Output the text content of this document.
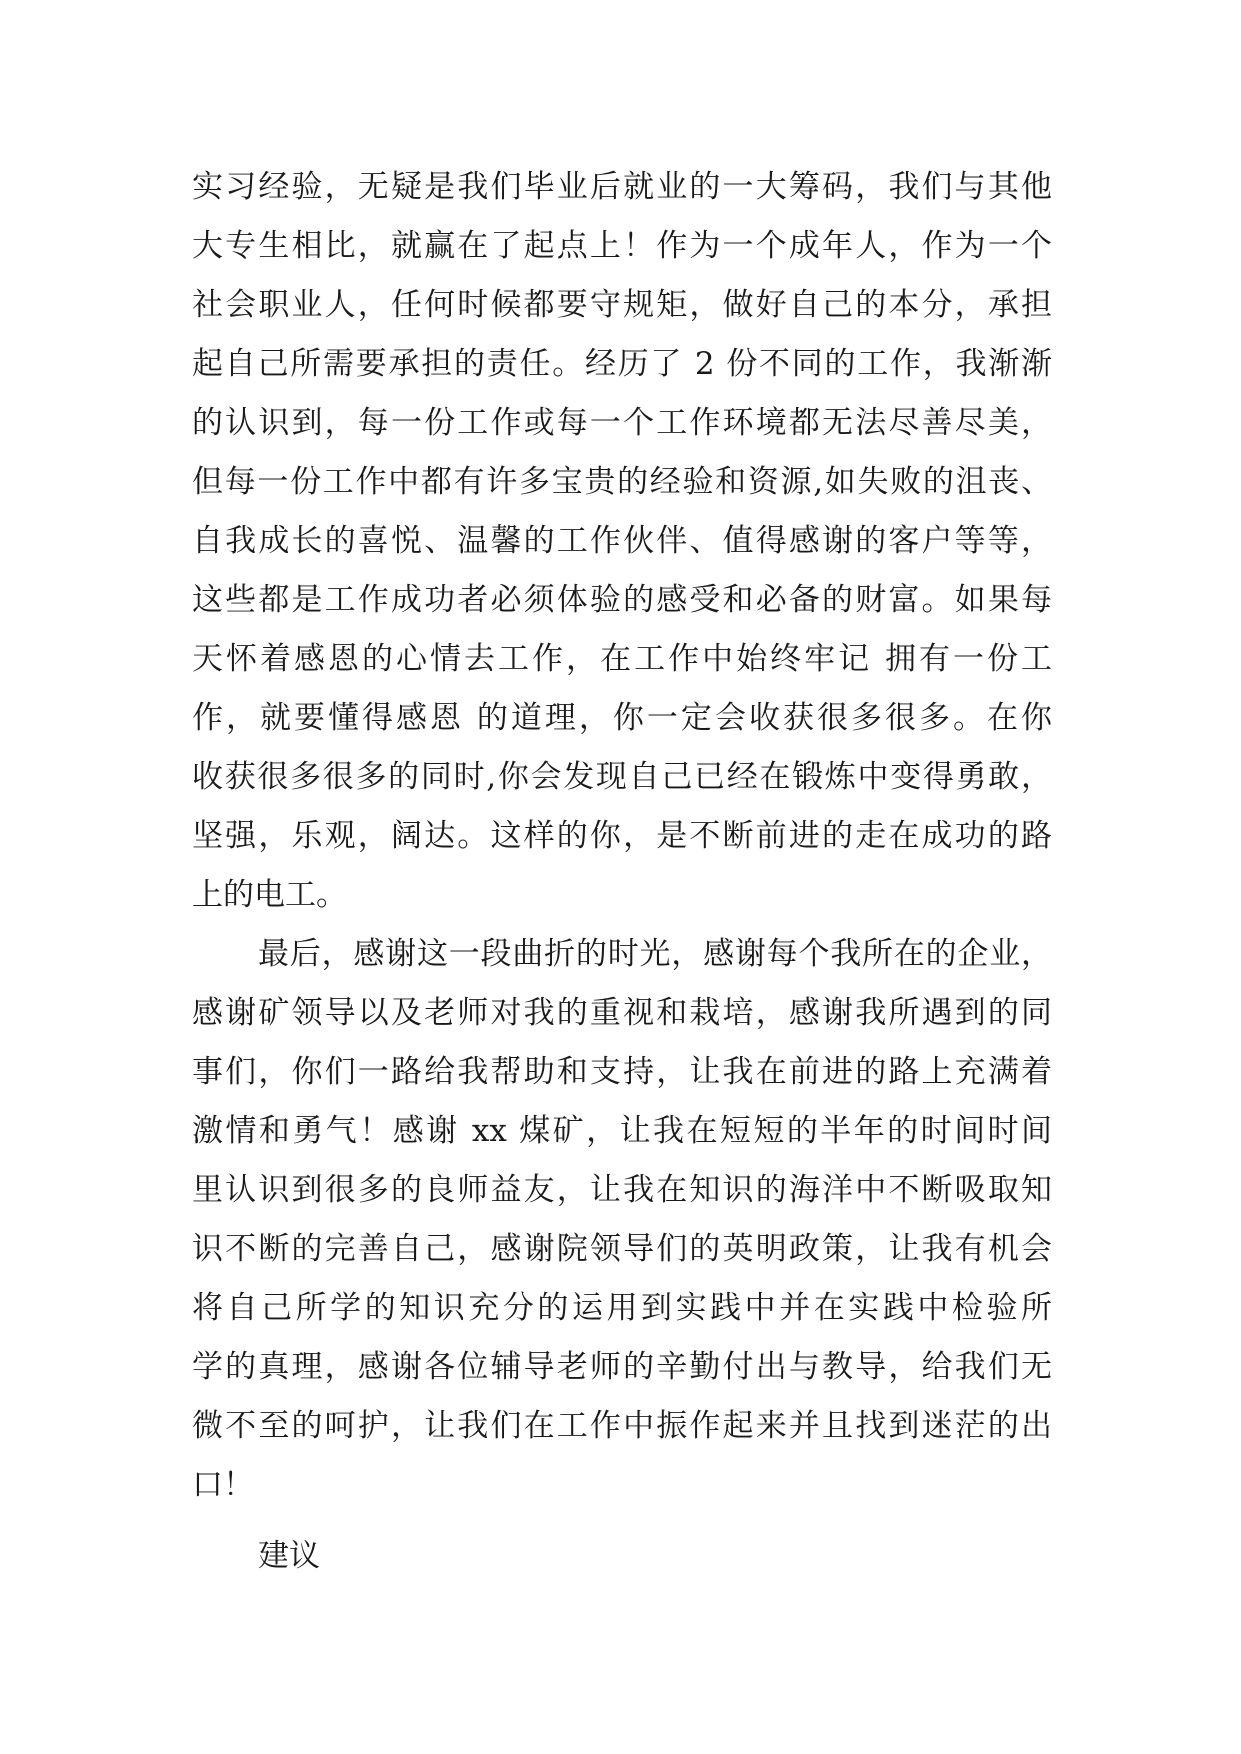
实习经验，无疑是我们毕业后就业的一大筹码，我们与其他
大专生相比，就赢在了起点上！作为一个成年人，作为一个
社会职业人，任何时候都要守规矩，做好自己的本分，承担
起自己所需要承担的责任。经历了 2 份不同的工作，我渐渐
的认识到，每一份工作或每一个工作环境都无法尽善尽美，
但每一份工作中都有许多宝贵的经验和资源,如失败的沮丧、
自我成长的喜悦、温馨的工作伙伴、值得感谢的客户等等，
这些都是工作成功者必须体验的感受和必备的财富。如果每
天怀着感恩的心情去工作，在工作中始终牢记 拥有一份工
作，就要懂得感恩 的道理，你一定会收获很多很多。在你
收获很多很多的同时,你会发现自己已经在锻炼中变得勇敢，
坚强，乐观，阔达。这样的你，是不断前进的走在成功的路
上的电工。
最后，感谢这一段曲折的时光，感谢每个我所在的企业，
感谢矿领导以及老师对我的重视和栽培，感谢我所遇到的同
事们，你们一路给我帮助和支持，让我在前进的路上充满着
激情和勇气！感谢 xx 煤矿，让我在短短的半年的时间时间
里认识到很多的良师益友，让我在知识的海洋中不断吸取知
识不断的完善自己，感谢院领导们的英明政策，让我有机会
将自己所学的知识充分的运用到实践中并在实践中检验所
学的真理，感谢各位辅导老师的辛勤付出与教导，给我们无
微不至的呵护，让我们在工作中振作起来并且找到迷茫的出
口！
建议
